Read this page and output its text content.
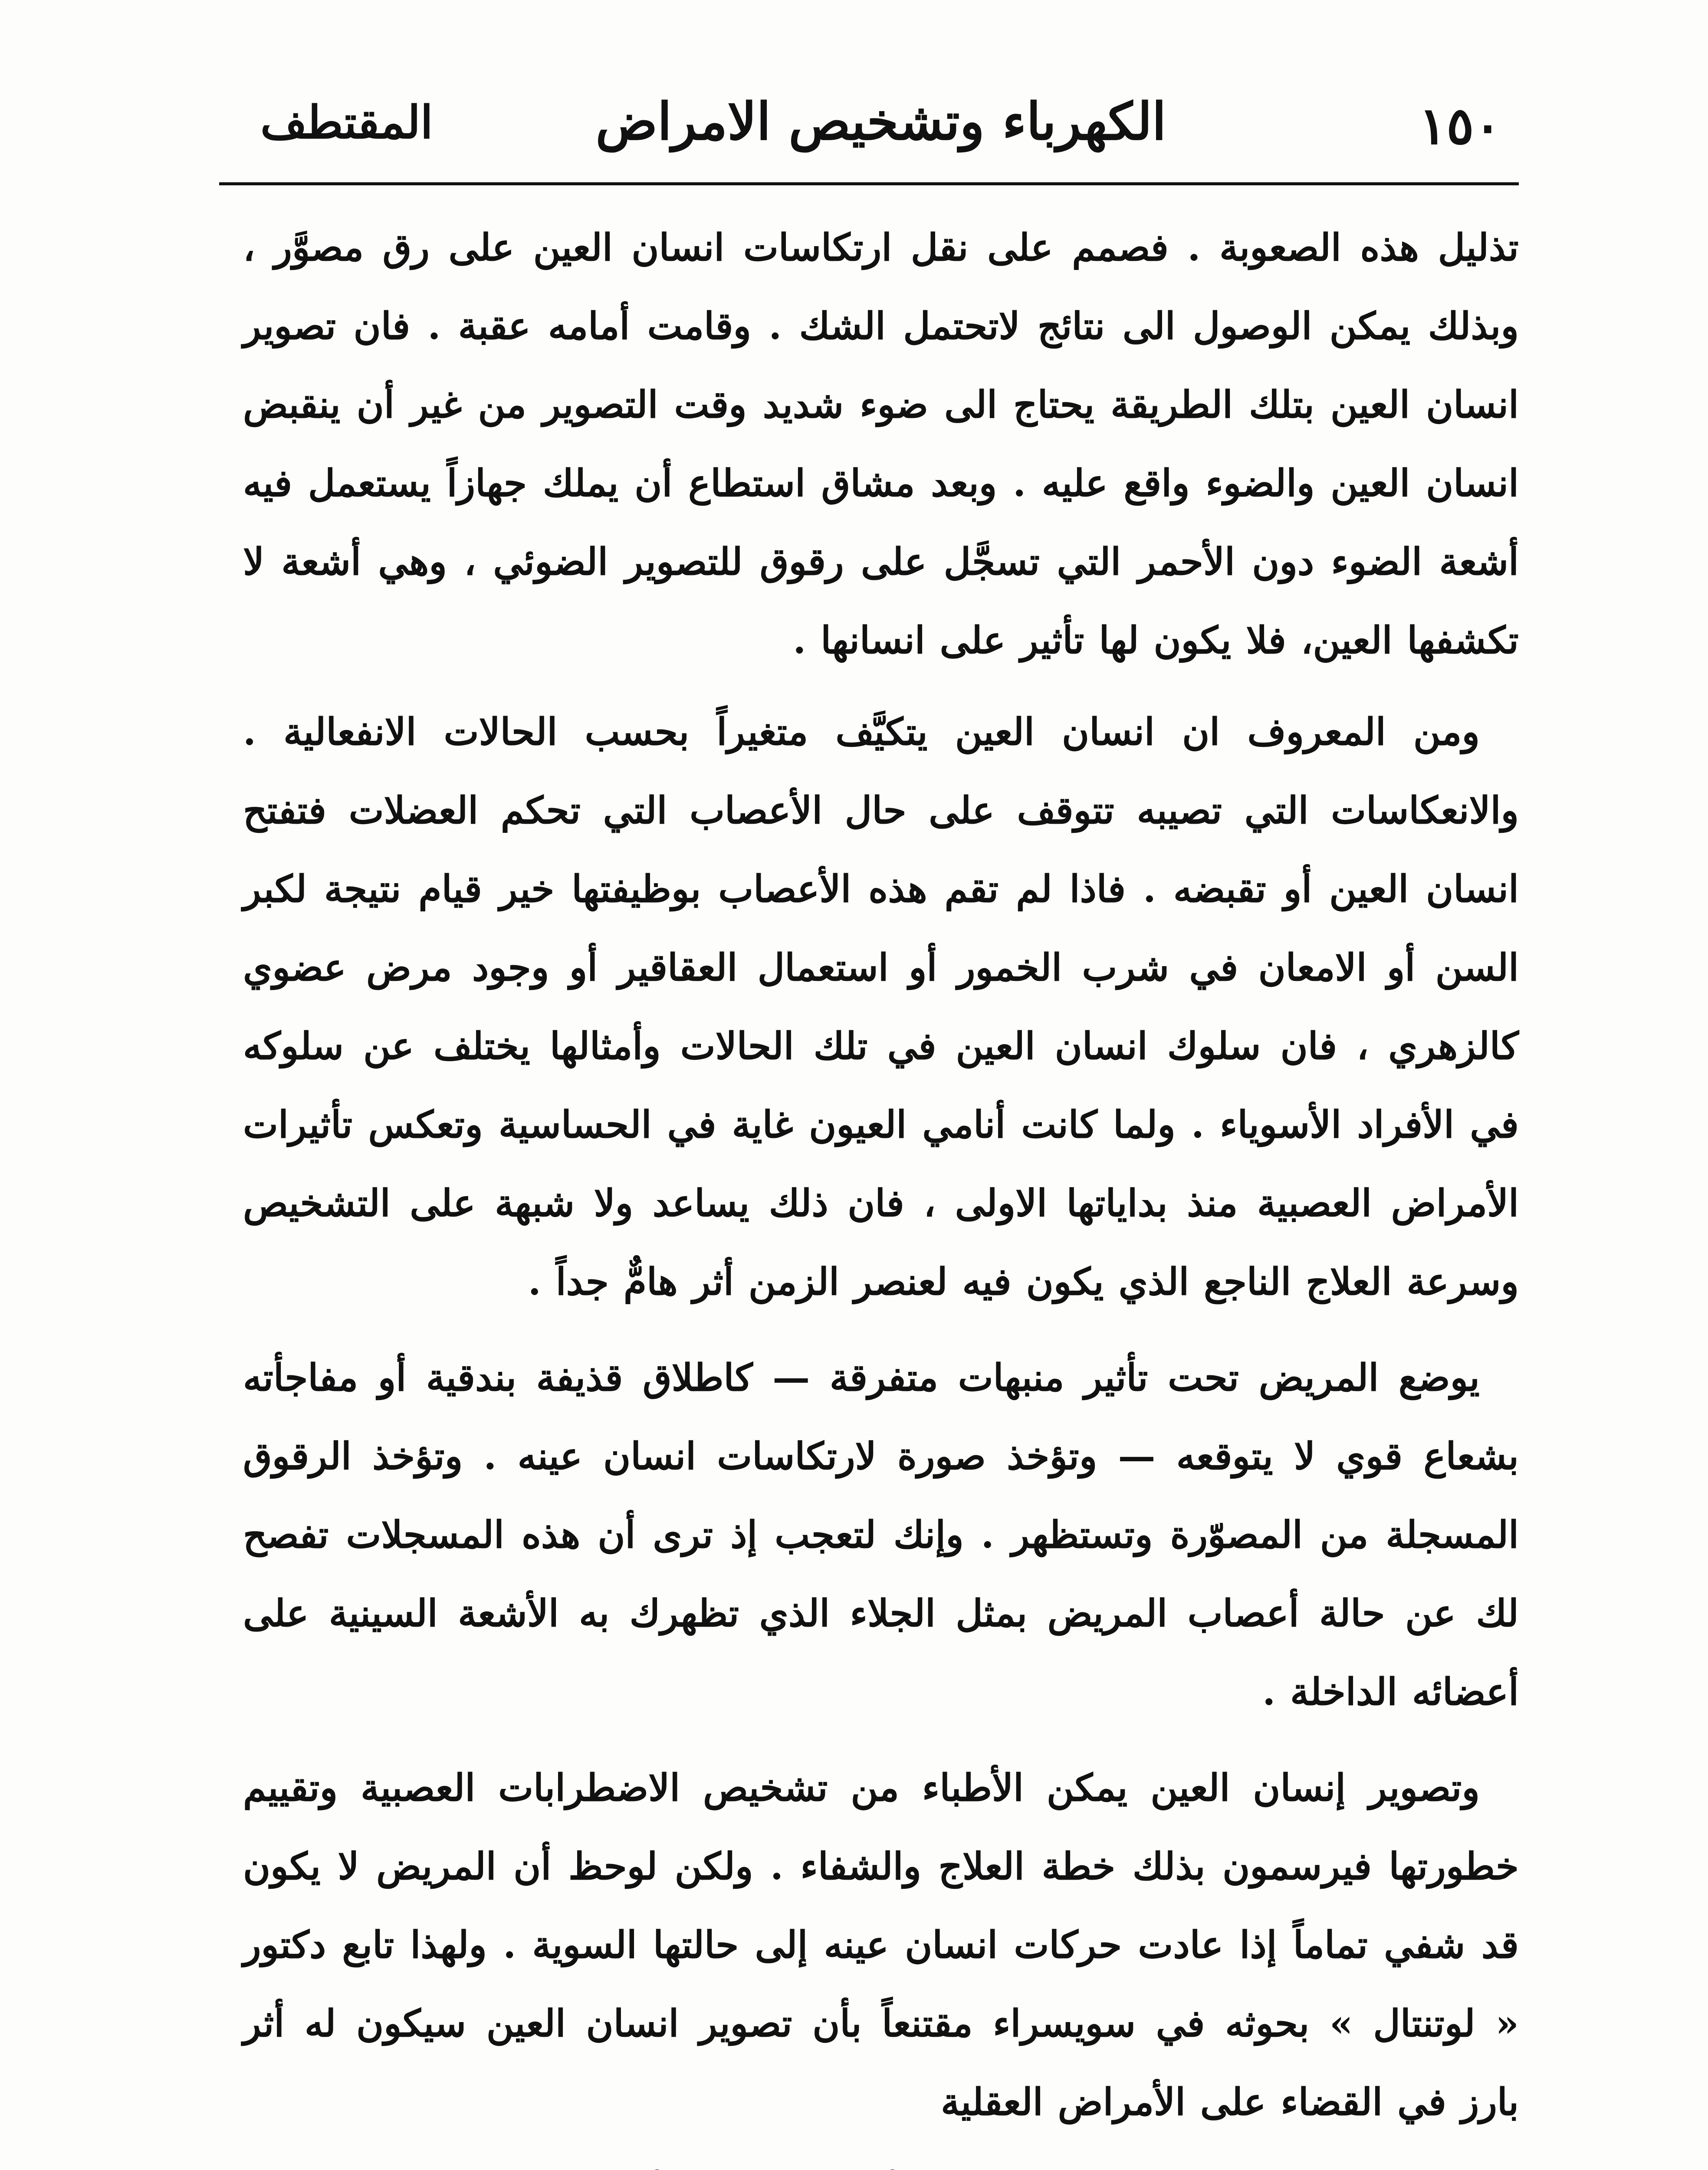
١٥٠
الكهرباء وتشخيص الامراض
المقتطف

تذليل هذه الصعوبة . فصمم على نقل ارتكاسات انسان العين على رق مصوَّر ، وبذلك يمكن الوصول الى نتائج لاتحتمل الشك . وقامت أمامه عقبة . فان تصوير انسان العين بتلك الطريقة يحتاج الى ضوء شديد وقت التصوير من غير أن ينقبض انسان العين والضوء واقع عليه . وبعد مشاق استطاع أن يملك جهازاً يستعمل فيه أشعة الضوء دون الأحمر التي تسجَّل على رقوق للتصوير الضوئي ، وهي أشعة لا تكشفها العين، فلا يكون لها تأثير على انسانها .

ومن المعروف ان انسان العين يتكيَّف متغيراً بحسب الحالات الانفعالية . والانعكاسات التي تصيبه تتوقف على حال الأعصاب التي تحكم العضلات فتفتح انسان العين أو تقبضه . فاذا لم تقم هذه الأعصاب بوظيفتها خير قيام نتيجة لكبر السن أو الامعان في شرب الخمور أو استعمال العقاقير أو وجود مرض عضوي كالزهري ، فان سلوك انسان العين في تلك الحالات وأمثالها يختلف عن سلوكه في الأفراد الأسوياء . ولما كانت أنامي العيون غاية في الحساسية وتعكس تأثيرات الأمراض العصبية منذ بداياتها الاولى ، فان ذلك يساعد ولا شبهة على التشخيص وسرعة العلاج الناجع الذي يكون فيه لعنصر الزمن أثر هامٌّ جداً .

يوضع المريض تحت تأثير منبهات متفرقة — كاطلاق قذيفة بندقية أو مفاجأته بشعاع قوي لا يتوقعه — وتؤخذ صورة لارتكاسات انسان عينه . وتؤخذ الرقوق المسجلة من المصوّرة وتستظهر . وإنك لتعجب إذ ترى أن هذه المسجلات تفصح لك عن حالة أعصاب المريض بمثل الجلاء الذي تظهرك به الأشعة السينية على أعضائه الداخلة .

وتصوير إنسان العين يمكن الأطباء من تشخيص الاضطرابات العصبية وتقييم خطورتها فيرسمون بذلك خطة العلاج والشفاء . ولكن لوحظ أن المريض لا يكون قد شفي تماماً إذا عادت حركات انسان عينه إلى حالتها السوية . ولهذا تابع دكتور « لوتنتال » بحوثه في سويسراء مقتنعاً بأن تصوير انسان العين سيكون له أثر بارز في القضاء على الأمراض العقلية
